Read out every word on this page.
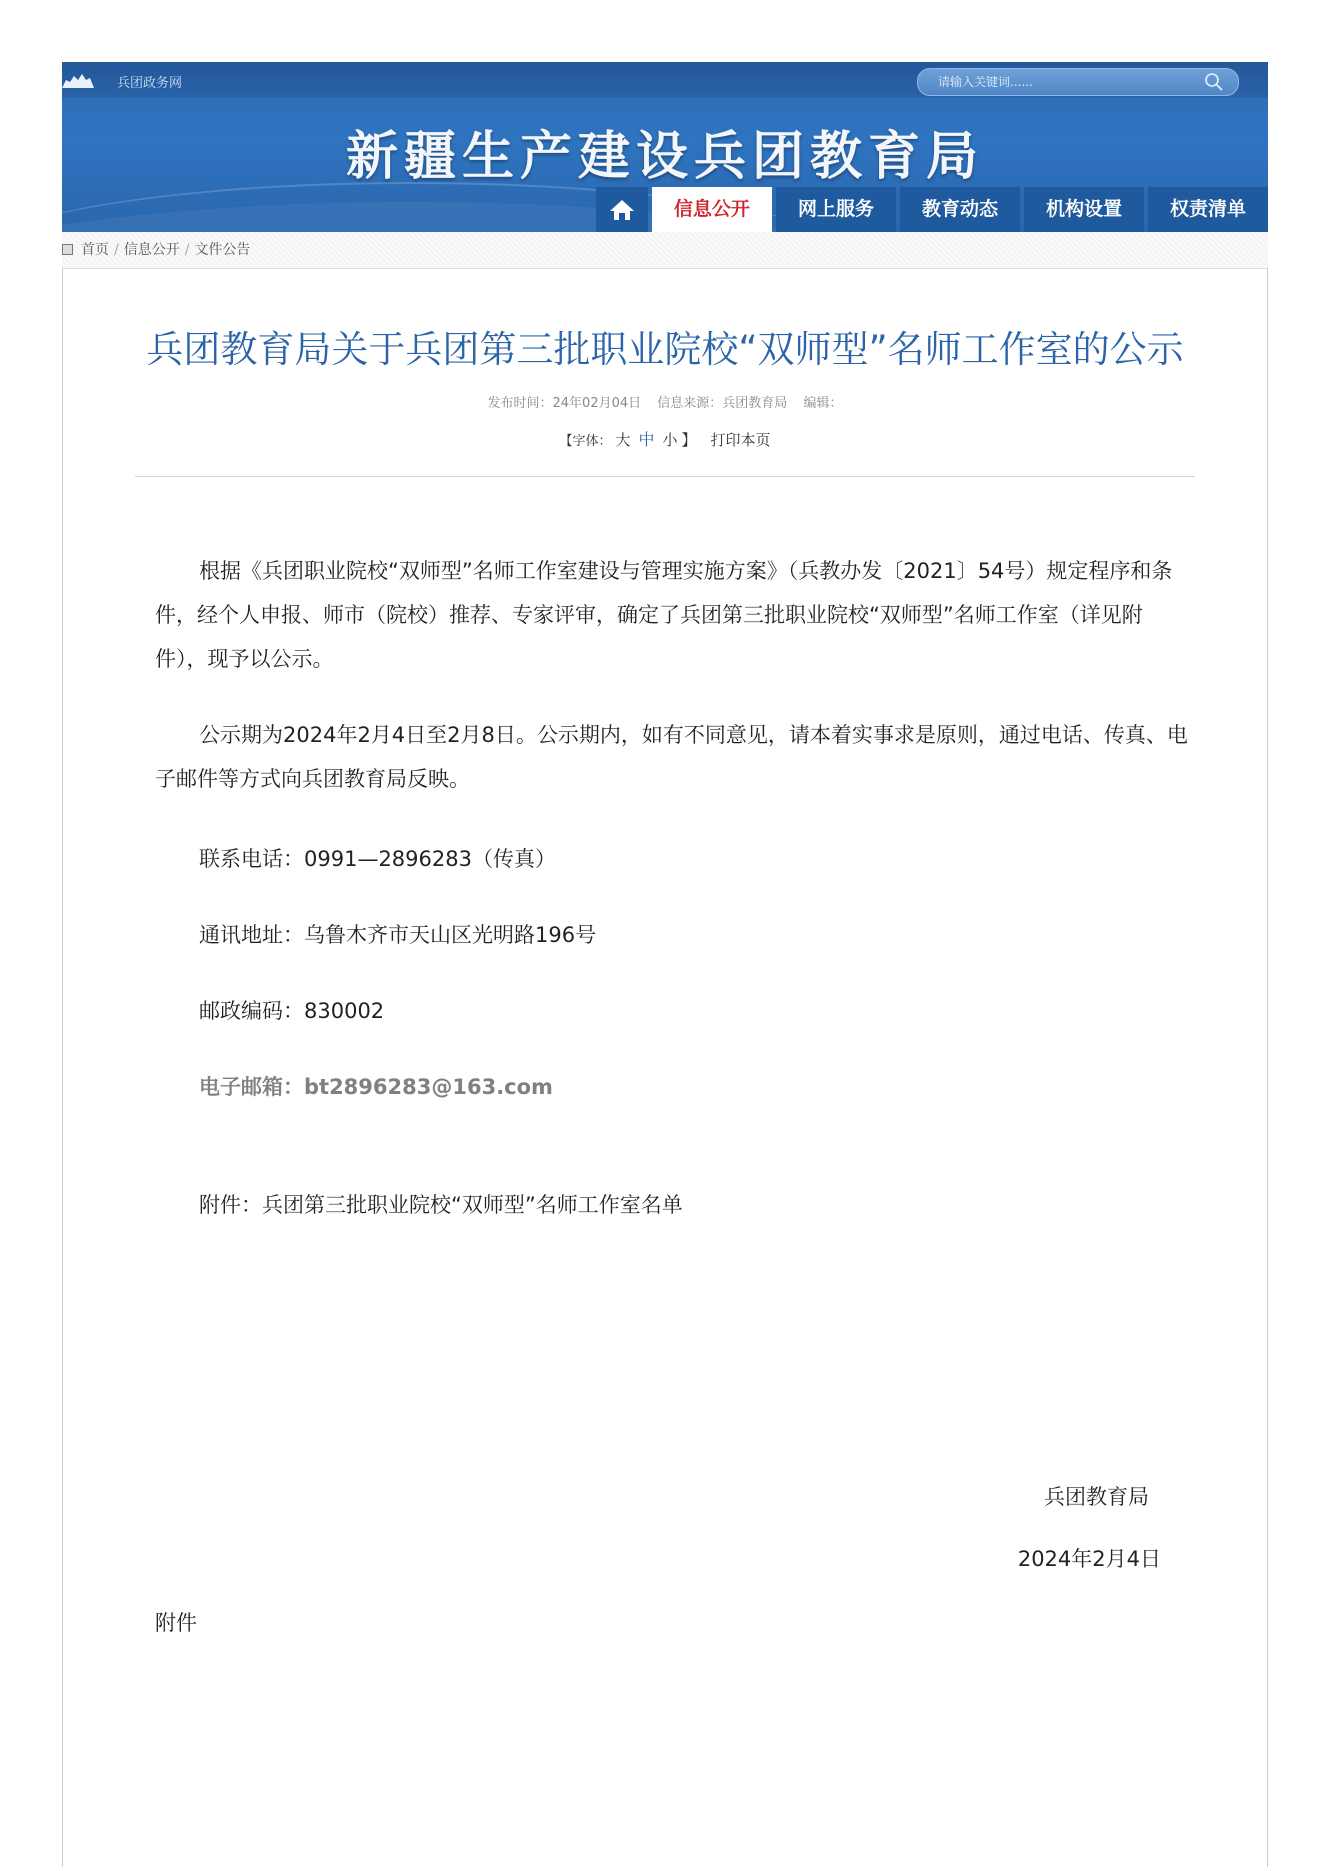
兵团政务网
请输入关键词......
新疆生产建设兵团教育局
信息公开	网上服务	教育动态	机构设置	权责清单
首页 / 信息公开 / 文件公告
兵团教育局关于兵团第三批职业院校“双师型”名师工作室的公示
发布时间：24年02月04日 信息来源：兵团教育局 编辑：
【字体： 大 中 小 】 打印本页
根据《兵团职业院校“双师型”名师工作室建设与管理实施方案》（兵教办发〔2021〕54号）规定程序和条件，经个人申报、师市（院校）推荐、专家评审，确定了兵团第三批职业院校“双师型”名师工作室（详见附件），现予以公示。
公示期为2024年2月4日至2月8日。公示期内，如有不同意见，请本着实事求是原则，通过电话、传真、电子邮件等方式向兵团教育局反映。
联系电话：0991—2896283（传真）
通讯地址：乌鲁木齐市天山区光明路196号
邮政编码：830002
电子邮箱：bt2896283@163.com
附件：兵团第三批职业院校“双师型”名师工作室名单
兵团教育局
2024年2月4日
附件
